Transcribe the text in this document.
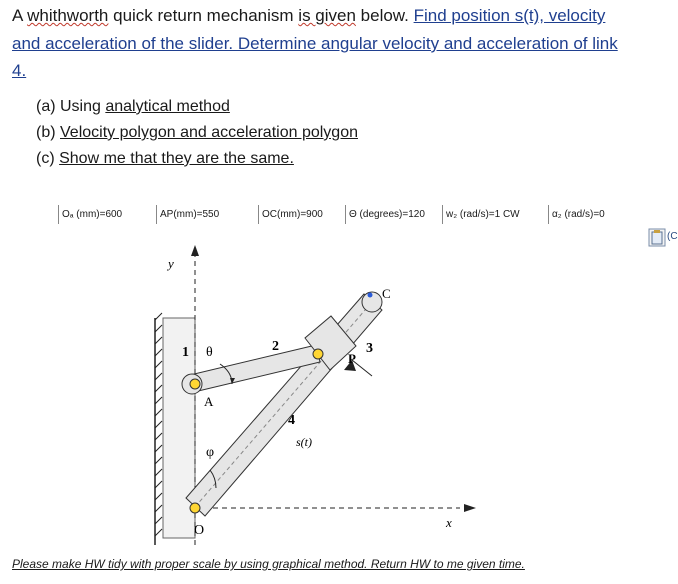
A whithworth quick return mechanism is given below. Find position s(t), velocity
and acceleration of the slider. Determine angular velocity and acceleration of link
4.
(a) Using analytical method
(b) Velocity polygon and acceleration polygon
(c) Show me that they are the same.
Oₐ (mm)=600	AP(mm)=550	OC(mm)=900	Θ (degrees)=120 w₂ (rad/s)=1 CW	α₂ (rad/s)=0
y
1 θ	2	3
C
P
A
4
s(t)
φ
O
x
Please make HW tidy with proper scale by using graphical method. Return HW to me given time.
(C
